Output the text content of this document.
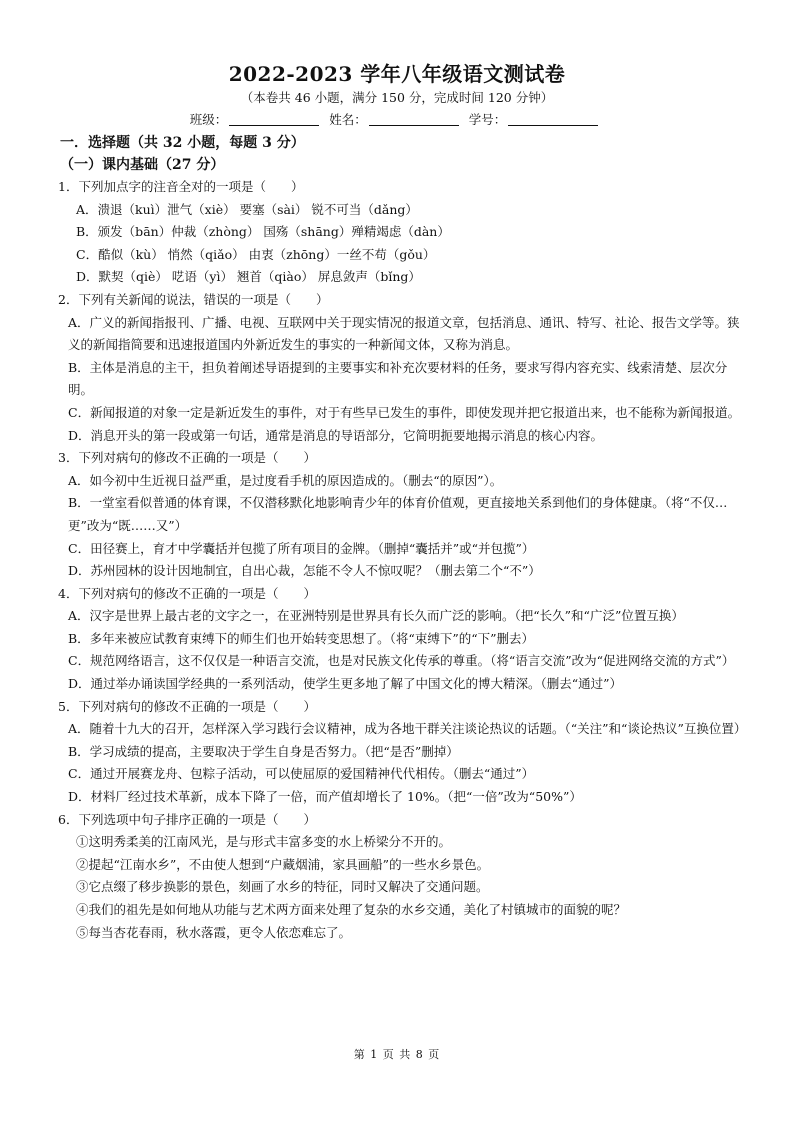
2022-2023 学年八年级语文测试卷
（本卷共 46 小题，满分 150 分，完成时间 120 分钟）
班级：	姓名：	学号：
一．选择题（共 32 小题，每题 3 分）
（一）课内基础（27 分）
1．下列加点字的注音全对的一项是（　　）
A．溃退（kuì）泄气（xiè） 要塞（sài） 锐不可当（dǎng）
B．颁发（bān）仲裁（zhòng） 国殇（shāng）殚精竭虑（dàn）
C．酷似（kù） 悄然（qiǎo） 由衷（zhōng）一丝不苟（gǒu）
D．默契（qiè） 呓语（yì） 翘首（qiào） 屏息敛声（bǐng）
2．下列有关新闻的说法，错误的一项是（　　）
A．广义的新闻指报刊、广播、电视、互联网中关于现实情况的报道文章，包括消息、通讯、特写、社论、报告文学等。狭义的新闻指简要和迅速报道国内外新近发生的事实的一种新闻文体，又称为消息。
B．主体是消息的主干，担负着阐述导语提到的主要事实和补充次要材料的任务，要求写得内容充实、线索清楚、层次分明。
C．新闻报道的对象一定是新近发生的事件，对于有些早已发生的事件，即使发现并把它报道出来，也不能称为新闻报道。
D．消息开头的第一段或第一句话，通常是消息的导语部分，它简明扼要地揭示消息的核心内容。
3．下列对病句的修改不正确的一项是（　　）
A．如今初中生近视日益严重，是过度看手机的原因造成的。（删去“的原因”）。
B．一堂室看似普通的体育课，不仅潜移默化地影响青少年的体育价值观，更直接地关系到他们的身体健康。（将“不仅…更”改为“既……又”）
C．田径赛上，育才中学囊括并包揽了所有项目的金牌。（删掉“囊括并”或“并包揽”）
D．苏州园林的设计因地制宜，自出心裁，怎能不令人不惊叹呢？（删去第二个“不”）
4．下列对病句的修改不正确的一项是（　　）
A．汉字是世界上最古老的文字之一，在亚洲特别是世界具有长久而广泛的影响。（把“长久”和“广泛”位置互换）
B．多年来被应试教育束缚下的师生们也开始转变思想了。（将“束缚下”的“下”删去）
C．规范网络语言，这不仅仅是一种语言交流，也是对民族文化传承的尊重。（将“语言交流”改为“促进网络交流的方式”）
D．通过举办诵读国学经典的一系列活动，使学生更多地了解了中国文化的博大精深。（删去“通过”）
5．下列对病句的修改不正确的一项是（　　）
A．随着十九大的召开，怎样深入学习践行会议精神，成为各地干群关注谈论热议的话题。（“关注”和“谈论热议”互换位置）
B．学习成绩的提高，主要取决于学生自身是否努力。（把“是否”删掉）
C．通过开展赛龙舟、包粽子活动，可以使屈原的爱国精神代代相传。（删去“通过”）
D．材料厂经过技术革新，成本下降了一倍，而产值却增长了 10%。（把“一倍”改为“50%”）
6．下列选项中句子排序正确的一项是（　　）
①这明秀柔美的江南风光，是与形式丰富多变的水上桥梁分不开的。
②提起“江南水乡”，不由使人想到“户藏烟浦，家具画船”的一些水乡景色。
③它点缀了移步换影的景色，刻画了水乡的特征，同时又解决了交通问题。
④我们的祖先是如何地从功能与艺术两方面来处理了复杂的水乡交通，美化了村镇城市的面貌的呢？
⑤每当杏花春雨，秋水落霞，更令人依恋难忘了。
第 1 页 共 8 页
